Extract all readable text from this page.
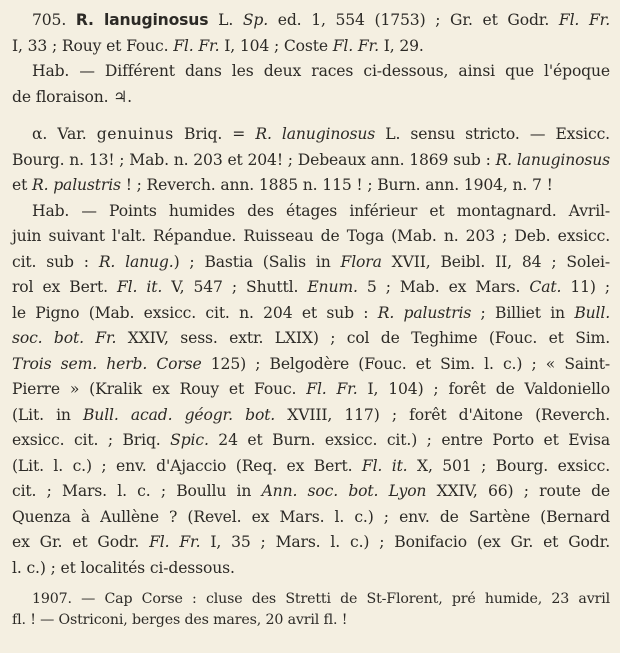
705. R. lanuginosus L. Sp. ed. 1, 554 (1753) ; Gr. et Godr. Fl. Fr.
I, 33 ; Rouy et Fouc. Fl. Fr. I, 104 ; Coste Fl. Fr. I, 29.
Hab. — Différent dans les deux races ci-dessous, ainsi que l'époque
de floraison. ♃.
α. Var. genuinus Briq. = R. lanuginosus L. sensu stricto. — Exsicc.
Bourg. n. 13! ; Mab. n. 203 et 204! ; Debeaux ann. 1869 sub : R. lanuginosus
et R. palustris ! ; Reverch. ann. 1885 n. 115 ! ; Burn. ann. 1904, n. 7 !
Hab. — Points humides des étages inférieur et montagnard. Avril-
juin suivant l'alt. Répandue. Ruisseau de Toga (Mab. n. 203 ; Deb. exsicc.
cit. sub : R. lanug.) ; Bastia (Salis in Flora XVII, Beibl. II, 84 ; Solei-
rol ex Bert. Fl. it. V, 547 ; Shuttl. Enum. 5 ; Mab. ex Mars. Cat. 11) ;
le Pigno (Mab. exsicc. cit. n. 204 et sub : R. palustris ; Billiet in Bull.
soc. bot. Fr. XXIV, sess. extr. LXIX) ; col de Teghime (Fouc. et Sim.
Trois sem. herb. Corse 125) ; Belgodère (Fouc. et Sim. l. c.) ; « Saint-
Pierre » (Kralik ex Rouy et Fouc. Fl. Fr. I, 104) ; forêt de Valdoniello
(Lit. in Bull. acad. géogr. bot. XVIII, 117) ; forêt d'Aitone (Reverch.
exsicc. cit. ; Briq. Spic. 24 et Burn. exsicc. cit.) ; entre Porto et Evisa
(Lit. l. c.) ; env. d'Ajaccio (Req. ex Bert. Fl. it. X, 501 ; Bourg. exsicc.
cit. ; Mars. l. c. ; Boullu in Ann. soc. bot. Lyon XXIV, 66) ; route de
Quenza à Aullène ? (Revel. ex Mars. l. c.) ; env. de Sartène (Bernard
ex Gr. et Godr. Fl. Fr. I, 35 ; Mars. l. c.) ; Bonifacio (ex Gr. et Godr.
l. c.) ; et localités ci-dessous.
1907. — Cap Corse : cluse des Stretti de St-Florent, pré humide, 23 avril
fl. ! — Ostriconi, berges des mares, 20 avril fl. !
